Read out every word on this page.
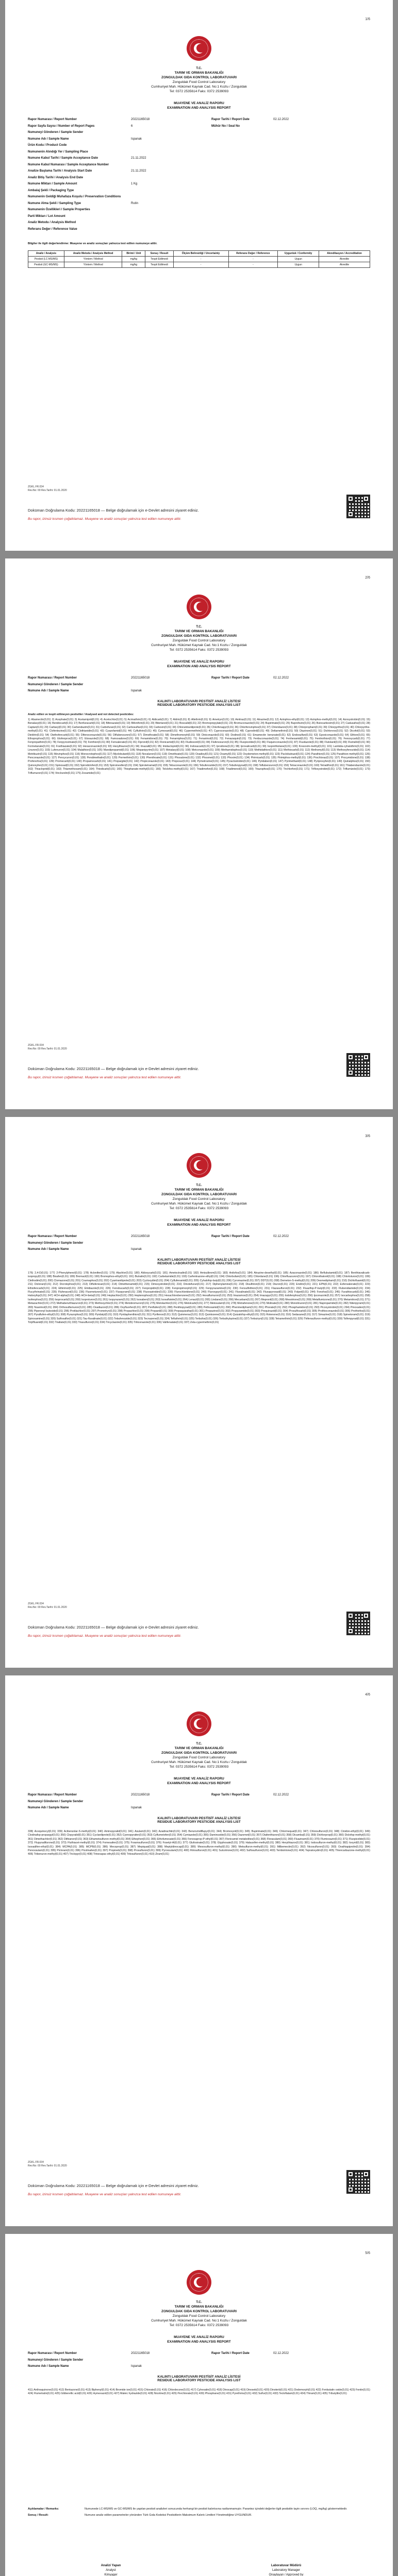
1/6
T.C.
TARIM VE ORMAN BAKANLIĞI
ZONGULDAK GIDA KONTROL LABORATUVARI
Zonguldak Food Control Laboratory
Cumhuriyet Mah. Hükümet Kaynak Cad. No:1 Kozlu / Zonguldak
Tel: 0372 2535614 Faks: 0372 2539093
MUAYENE VE ANALİZ RAPORU
EXAMINATION AND ANALYSIS REPORT
Rapor Numarası / Report Number	20221165018
Rapor Sayfa Sayısı / Number of Report Pages	6
Numuneyi Gönderen / Sample Sender
Numune Adı / Sample Name	Ispanak
Ürün Kodu / Product Code
Numunenin Alındığı Yer / Sampling Place
Numune Kabul Tarihi / Sample Acceptance Date	21.11.2022
Numune Kabul Numarası / Sample Acceptance Number
Analize Başlama Tarihi / Analysis Start Date	21.11.2022
Analiz Bitiş Tarihi / Analysis End Date
Numune Miktarı / Sample Amount	1 Kg
Ambalaj Şekli / Packaging Type
Numunenin Geldiği Muhafaza Koşulu / Preservation Conditions
Numune Alma Şekli / Sampling Type	Rutin
Numunenin Özellikleri / Sample Properties
Parti Miktarı / Lot Amount
Analiz Metodu / Analysis Method
Referans Değer / Reference Value
Rapor Tarihi / Report Date	02.12.2022
Mühür No / Seal No
Bilgiler ile ilgili değerlendirme: Muayene ve analiz sonuçları yalnızca test edilen numuneye aittir.
Analiz / Analysis	Analiz Metodu / Analysis Method	Birimi / Unit	Sonuç / Result	Ölçüm Belirsizliği / Uncertainty	Referans Değer / Reference	Uygunluk / Conformity	Akreditasyon / Accreditation
Pestisit (LC-MS/MS)	Yöntem / Method	mg/kg	Tespit Edilmedi	-	-	Uygun	Akredite
Pestisit (GC-MS/MS)	Yöntem / Method	mg/kg	Tespit Edilmedi	-	-	Uygun	Akredite
ZGKL.FR.034
Rev.No: 00 Rev.Tarihi: 01.01.2020
Doküman Doğrulama Kodu: 20221165018 — Belge doğrulamak için e-Devlet adresini ziyaret ediniz.
Bu rapor, izinsiz kısmen çoğaltılamaz. Muayene ve analiz sonuçları yalnızca test edilen numuneye aittir.
2/6
T.C.
TARIM VE ORMAN BAKANLIĞI
ZONGULDAK GIDA KONTROL LABORATUVARI
Zonguldak Food Control Laboratory
Cumhuriyet Mah. Hükümet Kaynak Cad. No:1 Kozlu / Zonguldak
Tel: 0372 2535614 Faks: 0372 2539093
MUAYENE VE ANALİZ RAPORU
EXAMINATION AND ANALYSIS REPORT
Rapor Numarası / Report Number	20221165018
Numuneyi Gönderen / Sample Sender
Numune Adı / Sample Name	Ispanak
Rapor Tarihi / Report Date	02.12.2022
KALINTI LABORATUVARI PESTİSİT ANALİZ LİSTESİ
RESIDUE LABORATORY PESTICIDE ANALYSIS LIST
Analiz edilen ve tespit edilmeyen pestisitler / Analysed and not detected pesticides:
1) Abamectin(0,01) 2) Acephate(0,01) 3) Acetamiprid(0,01) 4) Acetochlor(0,01) 5) Acrinathrin(0,01) 6) Aldicarb(0,01) 7) Aldrin(0,01) 8) Allethrin(0,01) 9) Ametryn(0,01) 10) Amitraz(0,01) 11) Atrazine(0,01) 12) Azinphos-ethyl(0,01) 13) Azinphos-methyl(0,01) 14) Azoxystrobin(0,01) 15) Benalaxyl(0,01) 16) Bendiocarb(0,01) 17) Benfuracarb(0,01) 18) Bifenazate(0,01) 19) Bifenthrin(0,01) 20) Bitertanol(0,01) 21) Boscalid(0,01) 22) Bromopropylate(0,01) 23) Bromuconazole(0,01) 24) Bupirimate(0,01) 25) Buprofezin(0,01) 26) Butocarboxim(0,01) 27) Cadusafos(0,01) 28) Captan(0,01) 29) Carbaryl(0,01) 30) Carbendazim(0,01) 31) Carbofuran(0,01) 32) Carbosulfan(0,01) 33) Carboxin(0,01) 34) Chlorantraniliprole(0,01) 35) Chlorfenapyr(0,01) 36) Chlorfenvinphos(0,01) 37) Chloridazon(0,01) 38) Chlorpropham(0,01) 39) Chlorpyrifos(0,01) 40) Chlorpyrifos-methyl(0,01) 41) Clofentezine(0,01) 42) Clothianidin(0,01) 43) Cyazofamid(0,01) 44) Cyfluthrin(0,01) 45) Cymoxanil(0,01) 46) Cypermethrin(0,01) 47) Cyproconazole(0,01) 48) Cyprodinil(0,01) 49) Deltamethrin(0,01) 50) Diazinon(0,01) 51) Dichlorvos(0,01) 52) Dicofol(0,01) 53) Dieldrin(0,01) 54) Diethofencarb(0,01) 55) Difenoconazole(0,01) 56) Diflubenzuron(0,01) 57) Dimethoate(0,01) 58) Dimethomorph(0,01) 59) Diniconazole(0,01) 60) Dodine(0,01) 61) Emamectin benzoate(0,01) 62) Endosulfan(0,01) 63) Epoxiconazole(0,01) 64) Ethion(0,01) 65) Ethoprophos(0,01) 66) Etofenprox(0,01) 67) Etoxazole(0,01) 68) Famoxadone(0,01) 69) Fenamidone(0,01) 70) Fenamiphos(0,01) 71) Fenarimol(0,01) 72) Fenazaquin(0,01) 73) Fenbuconazole(0,01) 74) Fenhexamid(0,01) 75) Fenitrothion(0,01) 76) Fenoxycarb(0,01) 77) Fenpropathrin(0,01) 78) Fenpyroximate(0,01) 79) Fenthion(0,01) 80) Fenvalerate(0,01) 81) Fipronil(0,01) 82) Flonicamid(0,01) 83) Fludioxonil(0,01) 84) Flufenoxuron(0,01) 85) Fluopicolide(0,01) 86) Fluquinconazole(0,01) 87) Flusilazole(0,01) 88) Flutolanil(0,01) 89) Flutriafol(0,01) 90) Formetanate(0,01) 91) Fosthiazate(0,01) 92) Hexaconazole(0,01) 93) Hexythiazox(0,01) 94) Imazalil(0,01) 95) Imidacloprid(0,01) 96) Indoxacarb(0,01) 97) Iprodione(0,01) 98) Iprovalicarb(0,01) 99) Isoprothiolane(0,01) 100) Kresoxim-methyl(0,01) 101) Lambda-cyhalothrin(0,01) 102) Linuron(0,01) 103) Lufenuron(0,01) 104) Malathion(0,01) 105) Mandipropamid(0,01) 106) Mepanipyrim(0,01) 107) Metalaxyl(0,01) 108) Metconazole(0,01) 109) Methamidophos(0,01) 110) Methidathion(0,01) 111) Methiocarb(0,01) 112) Methomyl(0,01) 113) Methoxyfenozide(0,01) 114) Metribuzin(0,01) 115) Mevinphos(0,01) 116) Monocrotophos(0,01) 117) Myclobutanil(0,01) 118) Novaluron(0,01) 119) Omethoate(0,01) 120) Oxadixyl(0,01) 121) Oxamyl(0,01) 122) Oxydemeton-methyl(0,01) 123) Paclobutrazol(0,01) 124) Parathion(0,01) 125) Parathion-methyl(0,01) 126) Penconazole(0,01) 127) Pencycuron(0,01) 128) Pendimethalin(0,01) 129) Permethrin(0,01) 130) Phenthoate(0,01) 131) Phosalone(0,01) 132) Phosmet(0,01) 133) Phoxim(0,01) 134) Pirimicarb(0,01) 135) Pirimiphos-methyl(0,01) 136) Prochloraz(0,01) 137) Procymidone(0,01) 138) Profenofos(0,01) 139) Promecarb(0,01) 140) Propamocarb(0,01) 141) Propargite(0,01) 142) Propiconazole(0,01) 143) Propoxur(0,01) 144) Pymetrozine(0,01) 145) Pyraclostrobin(0,01) 146) Pyridaben(0,01) 147) Pyrimethanil(0,01) 148) Pyriproxyfen(0,01) 149) Quinalphos(0,01) 150) Quinoxyfen(0,01) 151) Spinosad(0,01) 152) Spirodiclofen(0,01) 153) Spiromesifen(0,01) 154) Spirotetramat(0,01) 155) Tebuconazole(0,01) 156) Tebufenozide(0,01) 157) Tebufenpyrad(0,01) 158) Teflubenzuron(0,01) 159) Tetraconazole(0,01) 160) Tetradifon(0,01) 161) Thiabendazole(0,01) 162) Thiacloprid(0,01) 163) Thiamethoxam(0,01) 164) Thiodicarb(0,01) 165) Thiophanate-methyl(0,01) 166) Tolclofos-methyl(0,01) 167) Triadimefon(0,01) 168) Triadimenol(0,01) 169) Triazophos(0,01) 170) Trichlorfon(0,01) 171) Trifloxystrobin(0,01) 172) Triflumizole(0,01) 173) Triflumuron(0,01) 174) Vinclozolin(0,01) 175) Zoxamide(0,01)
ZGKL.FR.034
Rev.No: 00 Rev.Tarihi: 01.01.2020
Doküman Doğrulama Kodu: 20221165018 — Belge doğrulamak için e-Devlet adresini ziyaret ediniz.
Bu rapor, izinsiz kısmen çoğaltılamaz. Muayene ve analiz sonuçları yalnızca test edilen numuneye aittir.
3/6
T.C.
TARIM VE ORMAN BAKANLIĞI
ZONGULDAK GIDA KONTROL LABORATUVARI
Zonguldak Food Control Laboratory
Cumhuriyet Mah. Hükümet Kaynak Cad. No:1 Kozlu / Zonguldak
Tel: 0372 2535614 Faks: 0372 2539093
MUAYENE VE ANALİZ RAPORU
EXAMINATION AND ANALYSIS REPORT
Rapor Numarası / Report Number	20221165018
Numuneyi Gönderen / Sample Sender
Numune Adı / Sample Name	Ispanak
Rapor Tarihi / Report Date	02.12.2022
KALINTI LABORATUVARI PESTİSİT ANALİZ LİSTESİ
RESIDUE LABORATORY PESTICIDE ANALYSIS LIST
176) 2,4-D(0,01) 177) 2-Phenylphenol(0,01) 178) Aclonifen(0,01) 179) Alachlor(0,01) 180) Aldoxycarb(0,01) 181) Ametoctradin(0,01) 182) Amisulbrom(0,01) 183) Anilofos(0,01) 184) Atrazine-desethyl(0,01) 185) Azaconazole(0,01) 186) Beflubutamid(0,01) 187) Benthiavalicarb-isopropyl(0,01) 188) Bixafen(0,01) 189) Bromacil(0,01) 190) Bromophos-ethyl(0,01) 191) Butralin(0,01) 192) Carbetamide(0,01) 193) Carfentrazone-ethyl(0,01) 194) Chlorbufam(0,01) 195) Chlordane(0,01) 196) Chlorfluazuron(0,01) 197) Chlorothalonil(0,01) 198) Chlortoluron(0,01) 199) Clethodim(0,01) 200) Clomazone(0,01) 201) Coumaphos(0,01) 202) Cyantraniliprole(0,01) 203) Cycloxydim(0,01) 204) Cyflufenamid(0,01) 205) Cyhalofop-butyl(0,01) 206) Cyromazine(0,01) 207) DDT(0,01) 208) Demeton-S-methyl(0,01) 209) Desmedipham(0,01) 210) Dichlofluanid(0,01) 211) Dicloran(0,01) 212) Dicrotophos(0,01) 213) Diflufenican(0,01) 214) Dimethenamid(0,01) 215) Dimoxystrobin(0,01) 216) Dinotefuran(0,01) 217) Diphenylamine(0,01) 218) Disulfoton(0,01) 219) Diuron(0,01) 220) Endrin(0,01) 221) EPN(0,01) 222) Esfenvalerate(0,01) 223) Ethiofencarb(0,01) 224) Ethirimol(0,01) 225) Etridiazole(0,01) 226) Fenobucarb(0,01) 227) Fenpropidin(0,01) 228) Fenpropimorph(0,01) 229) Fenpyrazamine(0,01) 230) Fensulfothion(0,01) 231) Flazasulfuron(0,01) 232) Fluazifop-P-butyl(0,01) 233) Flubendiamide(0,01) 234) Flucythrinate(0,01) 235) Flufenacet(0,01) 236) Fluometuron(0,01) 237) Fluopyram(0,01) 238) Fluoxastrobin(0,01) 239) Flurochloridone(0,01) 240) Fluroxypyr(0,01) 241) Fluvalinate(0,01) 242) Fluxapyroxad(0,01) 243) Folpet(0,01) 244) Fonofos(0,01) 245) Furathiocarb(0,01) 246) Haloxyfop(0,01) 247) HCH-alpha(0,01) 248) HCH-beta(0,01) 249) Heptachlor(0,01) 250) Heptenophos(0,01) 251) Hexachlorobenzene(0,01) 252) Hexaflumuron(0,01) 253) Imazamox(0,01) 254) Imazapyr(0,01) 255) Iodofenphos(0,01) 256) Ipconazole(0,01) 257) Isocarbophos(0,01) 258) Isofenphos(0,01) 259) Isoprocarb(0,01) 260) Isoproturon(0,01) 261) Isopyrazam(0,01) 262) Isoxaben(0,01) 263) Isoxaflutole(0,01) 264) Lenacil(0,01) 265) Lindane(0,01) 266) Mecarbam(0,01) 267) Mepronil(0,01) 268) Mesotrione(0,01) 269) Metaflumizone(0,01) 270) Metamitron(0,01) 271) Metazachlor(0,01) 272) Methabenzthiazuron(0,01) 273) Methoxychlor(0,01) 274) Metobromuron(0,01) 275) Metolachlor(0,01) 276) Metolcarb(0,01) 277) Metosulam(0,01) 278) Metrafenone(0,01) 279) Molinate(0,01) 280) Monolinuron(0,01) 281) Napropamide(0,01) 282) Nitenpyram(0,01) 283) Nuarimol(0,01) 284) Orthosulfamuron(0,01) 285) Oxadiazon(0,01) 286) Oxyfluorfen(0,01) 287) Penflufen(0,01) 288) Penthiopyrad(0,01) 289) Pethoxamid(0,01) 290) Phenmedipham(0,01) 291) Phorate(0,01) 292) Phosphamidon(0,01) 293) Picoxystrobin(0,01) 294) Pinoxaden(0,01) 295) Piperonyl butoxide(0,01) 296) Pretilachlor(0,01) 297) Prometryn(0,01) 298) Propachlor(0,01) 299) Propanil(0,01) 300) Propaquizafop(0,01) 301) Propazine(0,01) 302) Propyzamide(0,01) 303) Proquinazid(0,01) 304) Prosulfocarb(0,01) 305) Prothioconazole(0,01) 306) Prothiofos(0,01) 307) Pyraflufen-ethyl(0,01) 308) Pyrazophos(0,01) 309) Pyridalyl(0,01) 310) Pyridaphenthion(0,01) 311) Pyrifenox(0,01) 312) Quinmerac(0,01) 313) Quintozene(0,01) 314) Quizalofop-ethyl(0,01) 315) Rotenone(0,01) 316) Sedaxane(0,01) 317) Simazine(0,01) 318) Spinetoram(0,01) 319) Spiroxamine(0,01) 320) Sulfoxaflor(0,01) 321) Tau-fluvalinate(0,01) 322) Tebufenozide(0,01) 323) Tecnazene(0,01) 324) Tefluthrin(0,01) 325) Terbufos(0,01) 326) Terbuthylazine(0,01) 327) Terbutryn(0,01) 328) Tetramethrin(0,01) 329) Thifensulfuron-methyl(0,01) 330) Tolfenpyrad(0,01) 331) Tolylfluanid(0,01) 332) Triallate(0,01) 333) Triasulfuron(0,01) 334) Tricyclazole(0,01) 335) Triticonazole(0,01) 336) Valifenalate(0,01) 337) Zeta-cypermethrin(0,01)
ZGKL.FR.034
Rev.No: 00 Rev.Tarihi: 01.01.2020
Doküman Doğrulama Kodu: 20221165018 — Belge doğrulamak için e-Devlet adresini ziyaret ediniz.
Bu rapor, izinsiz kısmen çoğaltılamaz. Muayene ve analiz sonuçları yalnızca test edilen numuneye aittir.
4/6
T.C.
TARIM VE ORMAN BAKANLIĞI
ZONGULDAK GIDA KONTROL LABORATUVARI
Zonguldak Food Control Laboratory
Cumhuriyet Mah. Hükümet Kaynak Cad. No:1 Kozlu / Zonguldak
Tel: 0372 2535614 Faks: 0372 2539093
MUAYENE VE ANALİZ RAPORU
EXAMINATION AND ANALYSIS REPORT
Rapor Numarası / Report Number	20221165018
Numuneyi Gönderen / Sample Sender
Numune Adı / Sample Name	Ispanak
Rapor Tarihi / Report Date	02.12.2022
KALINTI LABORATUVARI PESTİSİT ANALİZ LİSTESİ
RESIDUE LABORATORY PESTICIDE ANALYSIS LIST
338) Acequinocyl(0,01) 339) Acibenzolar-S-methyl(0,01) 340) Aminopyralid(0,01) 341) Asulam(0,01) 342) Azadirachtin(0,01) 343) Benzovindiflupyr(0,01) 344) Bromoxynil(0,01) 345) Bupirimate(0,01) 346) Chlormequat(0,01) 347) Chlorsulfuron(0,01) 348) Cinidon-ethyl(0,01) 349) Clodinafop-propargyl(0,01) 350) Clopyralid(0,01) 351) Cyclaniliprole(0,01) 352) Cyenopyrafen(0,01) 353) Cyflumetofen(0,01) 354) Cymiazole(0,01) 355) Daminozide(0,01) 356) Dazomet(0,01) 357) Diafenthiuron(0,01) 358) Dicamba(0,01) 359) Dichlorprop(0,01) 360) Diclofop-methyl(0,01) 361) Dimethachlor(0,01) 362) Dithianon(0,01) 363) Ethametsulfuron-methyl(0,01) 364) Ethephon(0,01) 365) Ethofumesate(0,01) 366) Fenoxaprop-P-ethyl(0,01) 367) Flonicamid metabolites(0,01) 368) Florasulam(0,01) 369) Fluazinam(0,01) 370) Flumioxazin(0,01) 371) Fluopicolide(0,01) 372) Flupyradifurone(0,01) 373) Fluthiacet-methyl(0,01) 374) Fomesafen(0,01) 375) Foramsulfuron(0,01) 376) Fosetyl-Al(0,01) 377) Glufosinate(0,01) 378) Glyphosate(0,01) 379) Halauxifen-methyl(0,01) 380) Hexythiazox(0,01) 381) Iodosulfuron-methyl(0,01) 382) Ioxynil(0,01) 383) Isoxadifen-ethyl(0,01) 384) MCPA(0,01) 385) MCPB(0,01) 386) Mecoprop(0,01) 387) Mepiquat(0,01) 388) Meptyldinocap(0,01) 389) Mesosulfuron-methyl(0,01) 390) Metsulfuron-methyl(0,01) 391) Milbemectin(0,01) 392) Nicosulfuron(0,01) 393) Oxathiapiprolin(0,01) 394) Penoxsulam(0,01) 395) Picloram(0,01) 396) Picolinafen(0,01) 397) Propineb(0,01) 398) Prosulfuron(0,01) 399) Pyroxsulam(0,01) 400) Rimsulfuron(0,01) 401) Sulcotrione(0,01) 402) Sulfosulfuron(0,01) 403) Tembotrione(0,01) 404) Tepraloxydim(0,01) 405) Thiencarbazone-methyl(0,01) 406) Tribenuron-methyl(0,01) 407) Triclopyr(0,01) 408) Trinexapac-ethyl(0,01) 409) Tritosulfuron(0,01) 410) Ziram(0,01)
ZGKL.FR.034
Rev.No: 00 Rev.Tarihi: 01.01.2020
Doküman Doğrulama Kodu: 20221165018 — Belge doğrulamak için e-Devlet adresini ziyaret ediniz.
Bu rapor, izinsiz kısmen çoğaltılamaz. Muayene ve analiz sonuçları yalnızca test edilen numuneye aittir.
5/6
T.C.
TARIM VE ORMAN BAKANLIĞI
ZONGULDAK GIDA KONTROL LABORATUVARI
Zonguldak Food Control Laboratory
Cumhuriyet Mah. Hükümet Kaynak Cad. No:1 Kozlu / Zonguldak
Tel: 0372 2535614 Faks: 0372 2539093
MUAYENE VE ANALİZ RAPORU
EXAMINATION AND ANALYSIS REPORT
Rapor Numarası / Report Number	20221165018
Numuneyi Gönderen / Sample Sender
Numune Adı / Sample Name	Ispanak
Rapor Tarihi / Report Date	02.12.2022
KALINTI LABORATUVARI PESTİSİT ANALİZ LİSTESİ
RESIDUE LABORATORY PESTICIDE ANALYSIS LIST
411) Anthraquinone(0,01) 412) Bentazone(0,01) 413) Biphenyl(0,01) 414) Bromide ion(0,01) 415) Chlorate(0,01) 416) Chlordecone(0,01) 417) Cyhexatin(0,01) 418) Dinocap(0,01) 419) Dinoseb(0,01) 420) Dinoterb(0,01) 421) Dodemorph(0,01) 422) Fenbutatin oxide(0,01) 423) Fentin(0,01) 424) Flumetralin(0,01) 425) Gibberellic acid(0,01) 426) Hymexazol(0,01) 427) Maleic hydrazide(0,01) 428) Nicotine(0,01) 429) Perchlorate(0,01) 430) Phosphane(0,01) 431) Pyrethrins(0,01) 432) Sulfur(0,01) 433) Tecloftalam(0,01) 434) Thiram(0,01) 435) Tributyltin(0,01)
Açıklamalar / Remarks:	Numunede LC-MS/MS ve GC-MS/MS ile yapılan pestisit analizleri sonucunda herhangi bir pestisit kalıntısına rastlanmamıştır. Parantez içindeki değerler ilgili pestisitin tayin sınırını (LOQ, mg/kg) göstermektedir.
Sonuç / Result:	Numune analiz edilen parametreler yönünden Türk Gıda Kodeksi Pestisitlerin Maksimum Kalıntı Limitleri Yönetmeliğine UYGUNDUR.
Analizi Yapan
Analyst
Kimyager
Laboratuvar Müdürü
Laboratory Manager
Onaylayan / Approved by
